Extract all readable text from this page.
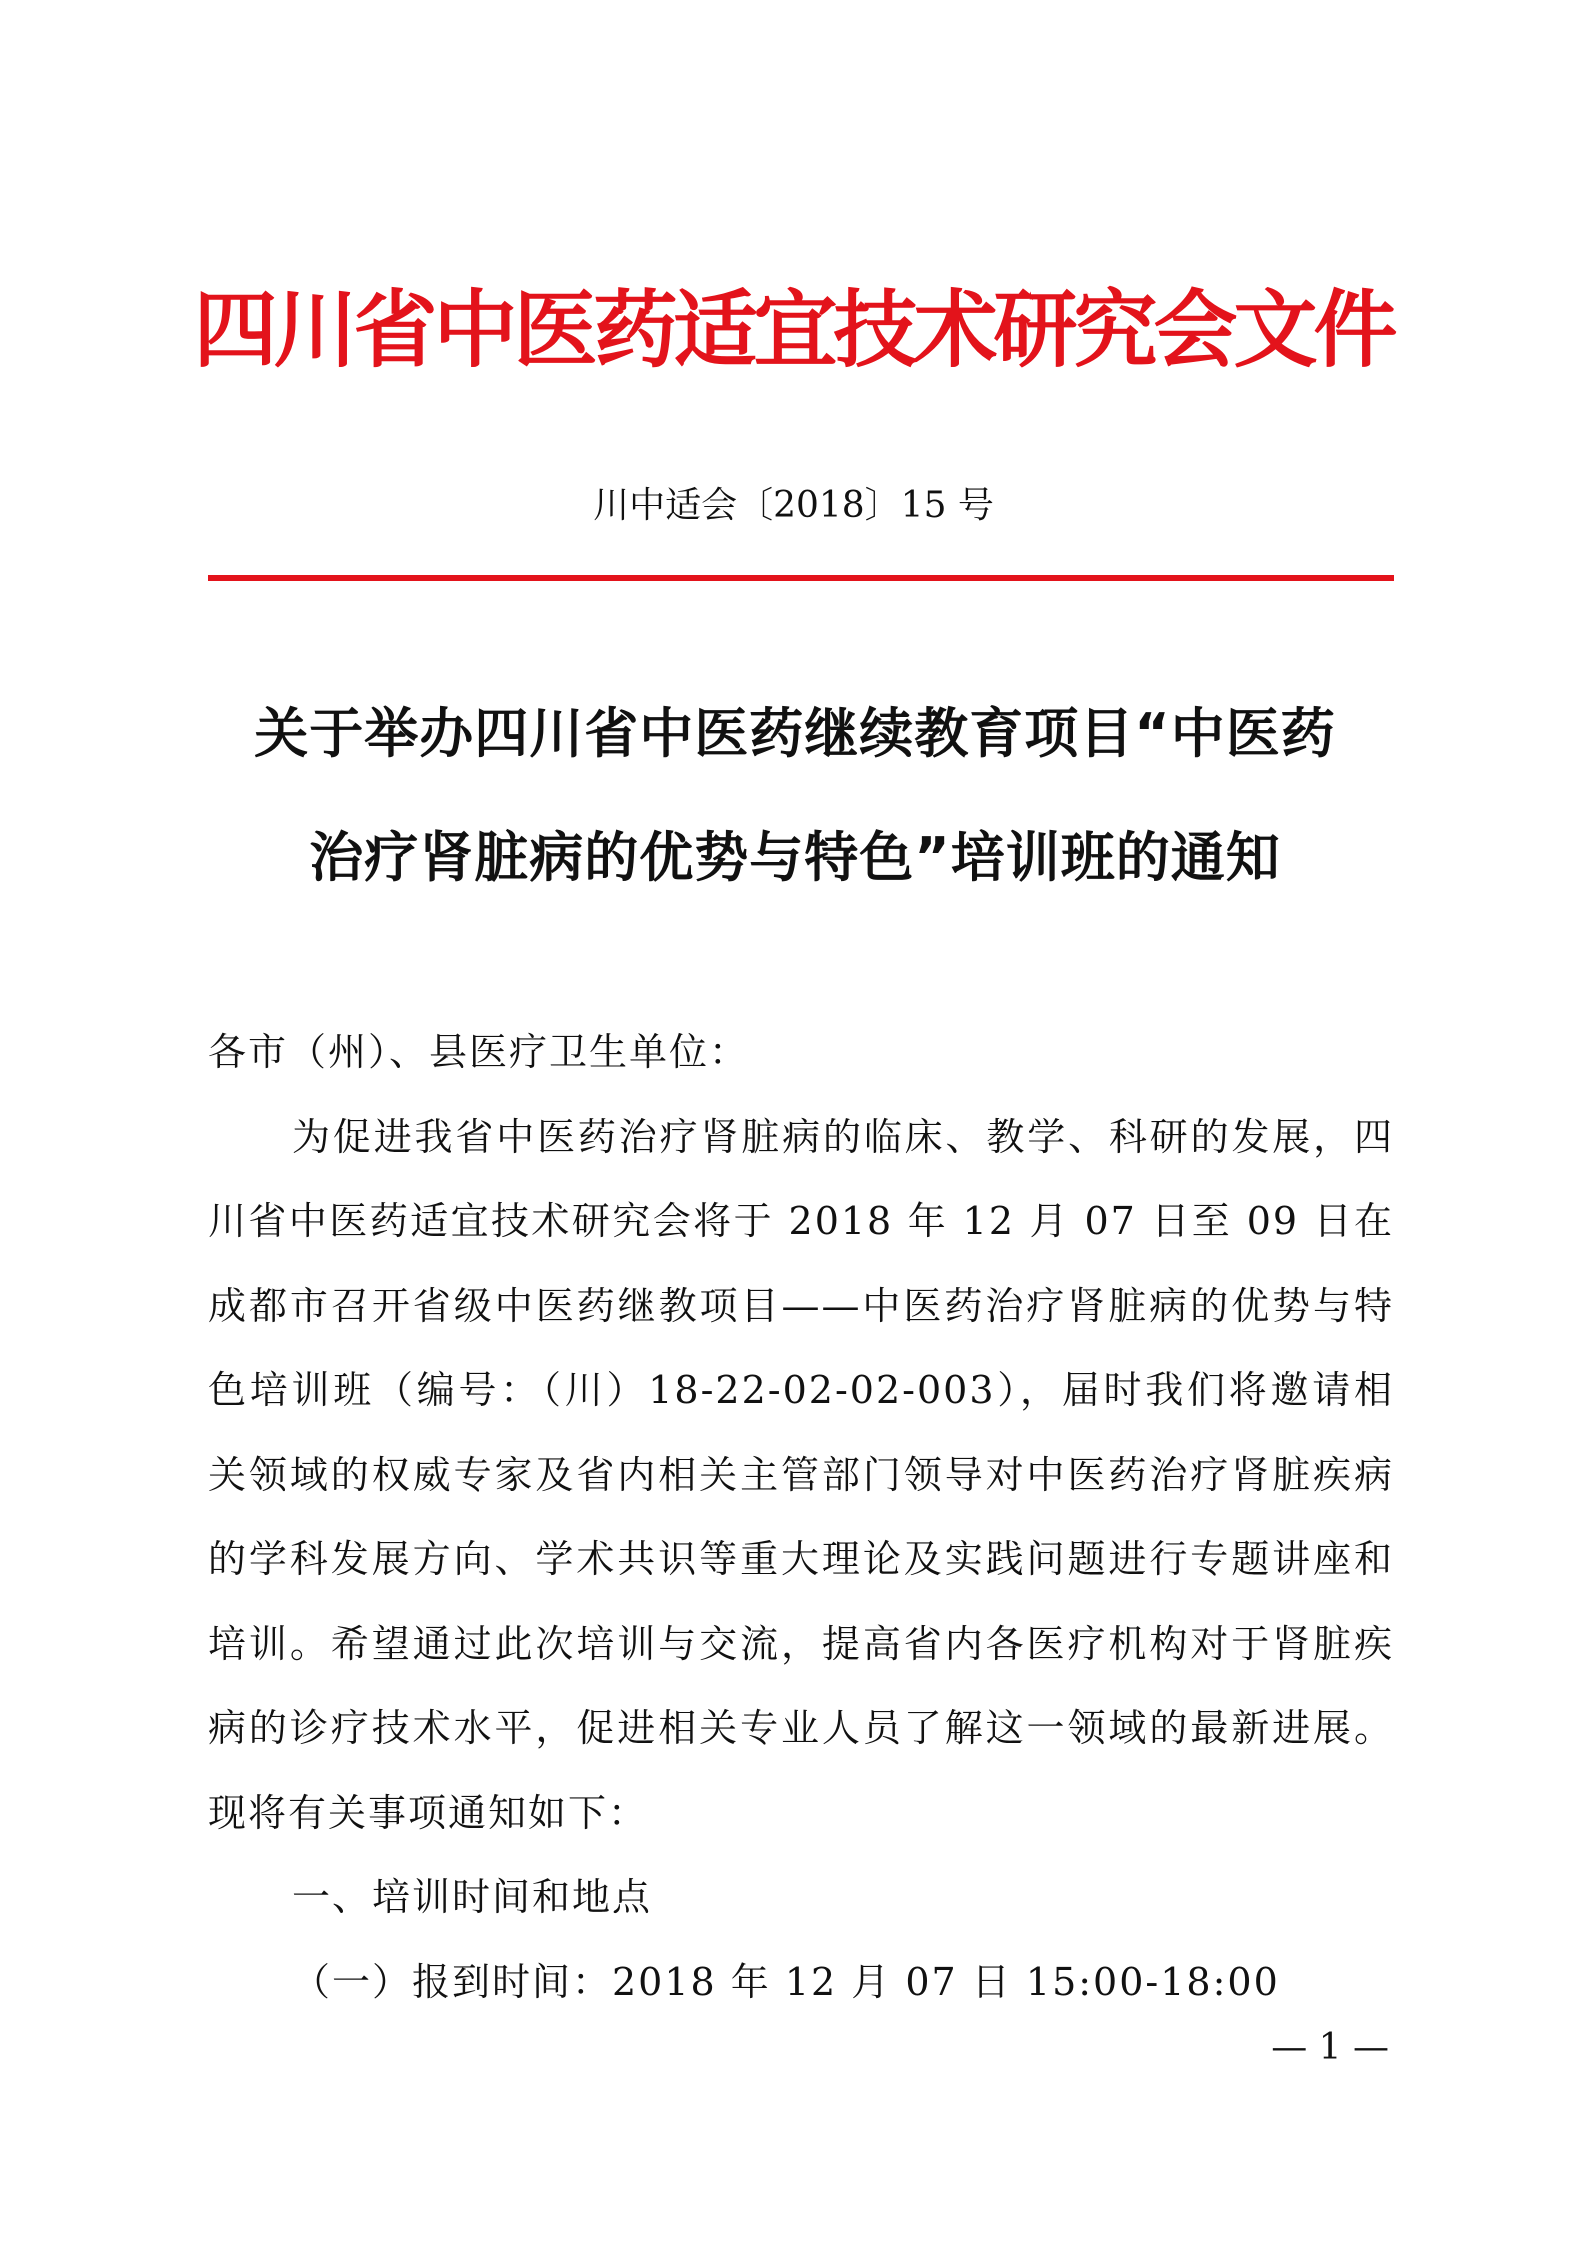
四川省中医药适宜技术研究会文件
川中适会〔2018〕15 号
关于举办四川省中医药继续教育项目“中医药
治疗肾脏病的优势与特色”培训班的通知

各市（州）、县医疗卫生单位：

为促进我省中医药治疗肾脏病的临床、教学、科研的发展，四川省中医药适宜技术研究会将于 2018 年 12 月 07 日至 09 日在成都市召开省级中医药继教项目——中医药治疗肾脏病的优势与特色培训班（编号：（川）18-22-02-02-003），届时我们将邀请相关领域的权威专家及省内相关主管部门领导对中医药治疗肾脏疾病的学科发展方向、学术共识等重大理论及实践问题进行专题讲座和培训。希望通过此次培训与交流，提高省内各医疗机构对于肾脏疾病的诊疗技术水平，促进相关专业人员了解这一领域的最新进展。现将有关事项通知如下：

一、培训时间和地点

（一）报到时间：2018 年 12 月 07 日 15:00-18:00

— 1 —
